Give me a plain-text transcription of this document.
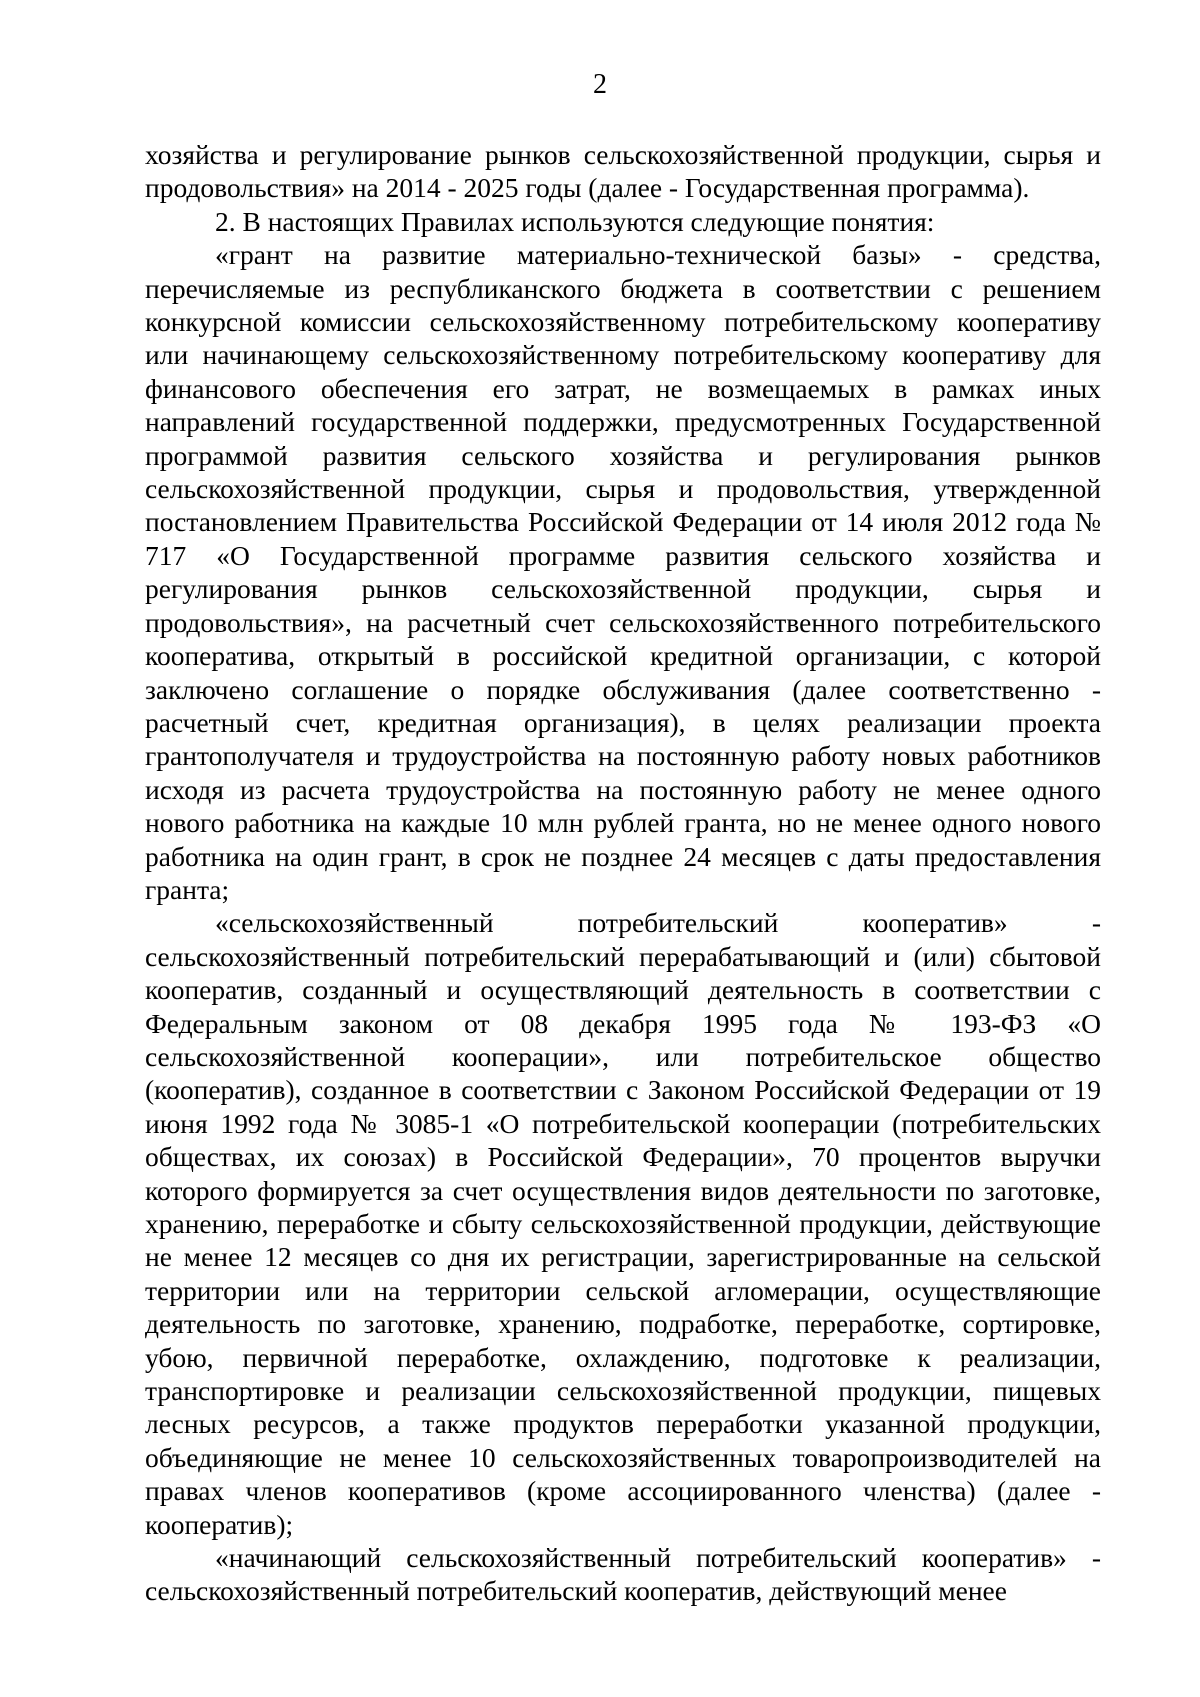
2

хозяйства и регулирование рынков сельскохозяйственной продукции, сырья и продовольствия» на 2014 - 2025 годы (далее - Государственная программа).

2. В настоящих Правилах используются следующие понятия:

«грант на развитие материально-технической базы» - средства, перечисляемые из республиканского бюджета в соответствии с решением конкурсной комиссии сельскохозяйственному потребительскому кооперативу или начинающему сельскохозяйственному потребительскому кооперативу для финансового обеспечения его затрат, не возмещаемых в рамках иных направлений государственной поддержки, предусмотренных Государственной программой развития сельского хозяйства и регулирования рынков сельскохозяйственной продукции, сырья и продовольствия, утвержденной постановлением Правительства Российской Федерации от 14 июля 2012 года № 717 «О Государственной программе развития сельского хозяйства и регулирования рынков сельскохозяйственной продукции, сырья и продовольствия», на расчетный счет сельскохозяйственного потребительского кооператива, открытый в российской кредитной организации, с которой заключено соглашение о порядке обслуживания (далее соответственно - расчетный счет, кредитная организация), в целях реализации проекта грантополучателя и трудоустройства на постоянную работу новых работников исходя из расчета трудоустройства на постоянную работу не менее одного нового работника на каждые 10 млн рублей гранта, но не менее одного нового работника на один грант, в срок не позднее 24 месяцев с даты предоставления гранта;

«сельскохозяйственный потребительский кооператив» - сельскохозяйственный потребительский перерабатывающий и (или) сбытовой кооператив, созданный и осуществляющий деятельность в соответствии с Федеральным законом от 08 декабря 1995 года № 193-ФЗ «О сельскохозяйственной кооперации», или потребительское общество (кооператив), созданное в соответствии с Законом Российской Федерации от 19 июня 1992 года № 3085-1 «О потребительской кооперации (потребительских обществах, их союзах) в Российской Федерации», 70 процентов выручки которого формируется за счет осуществления видов деятельности по заготовке, хранению, переработке и сбыту сельскохозяйственной продукции, действующие не менее 12 месяцев со дня их регистрации, зарегистрированные на сельской территории или на территории сельской агломерации, осуществляющие деятельность по заготовке, хранению, подработке, переработке, сортировке, убою, первичной переработке, охлаждению, подготовке к реализации, транспортировке и реализации сельскохозяйственной продукции, пищевых лесных ресурсов, а также продуктов переработки указанной продукции, объединяющие не менее 10 сельскохозяйственных товаропроизводителей на правах членов кооперативов (кроме ассоциированного членства) (далее - кооператив);

«начинающий сельскохозяйственный потребительский кооператив» - сельскохозяйственный потребительский кооператив, действующий менее
